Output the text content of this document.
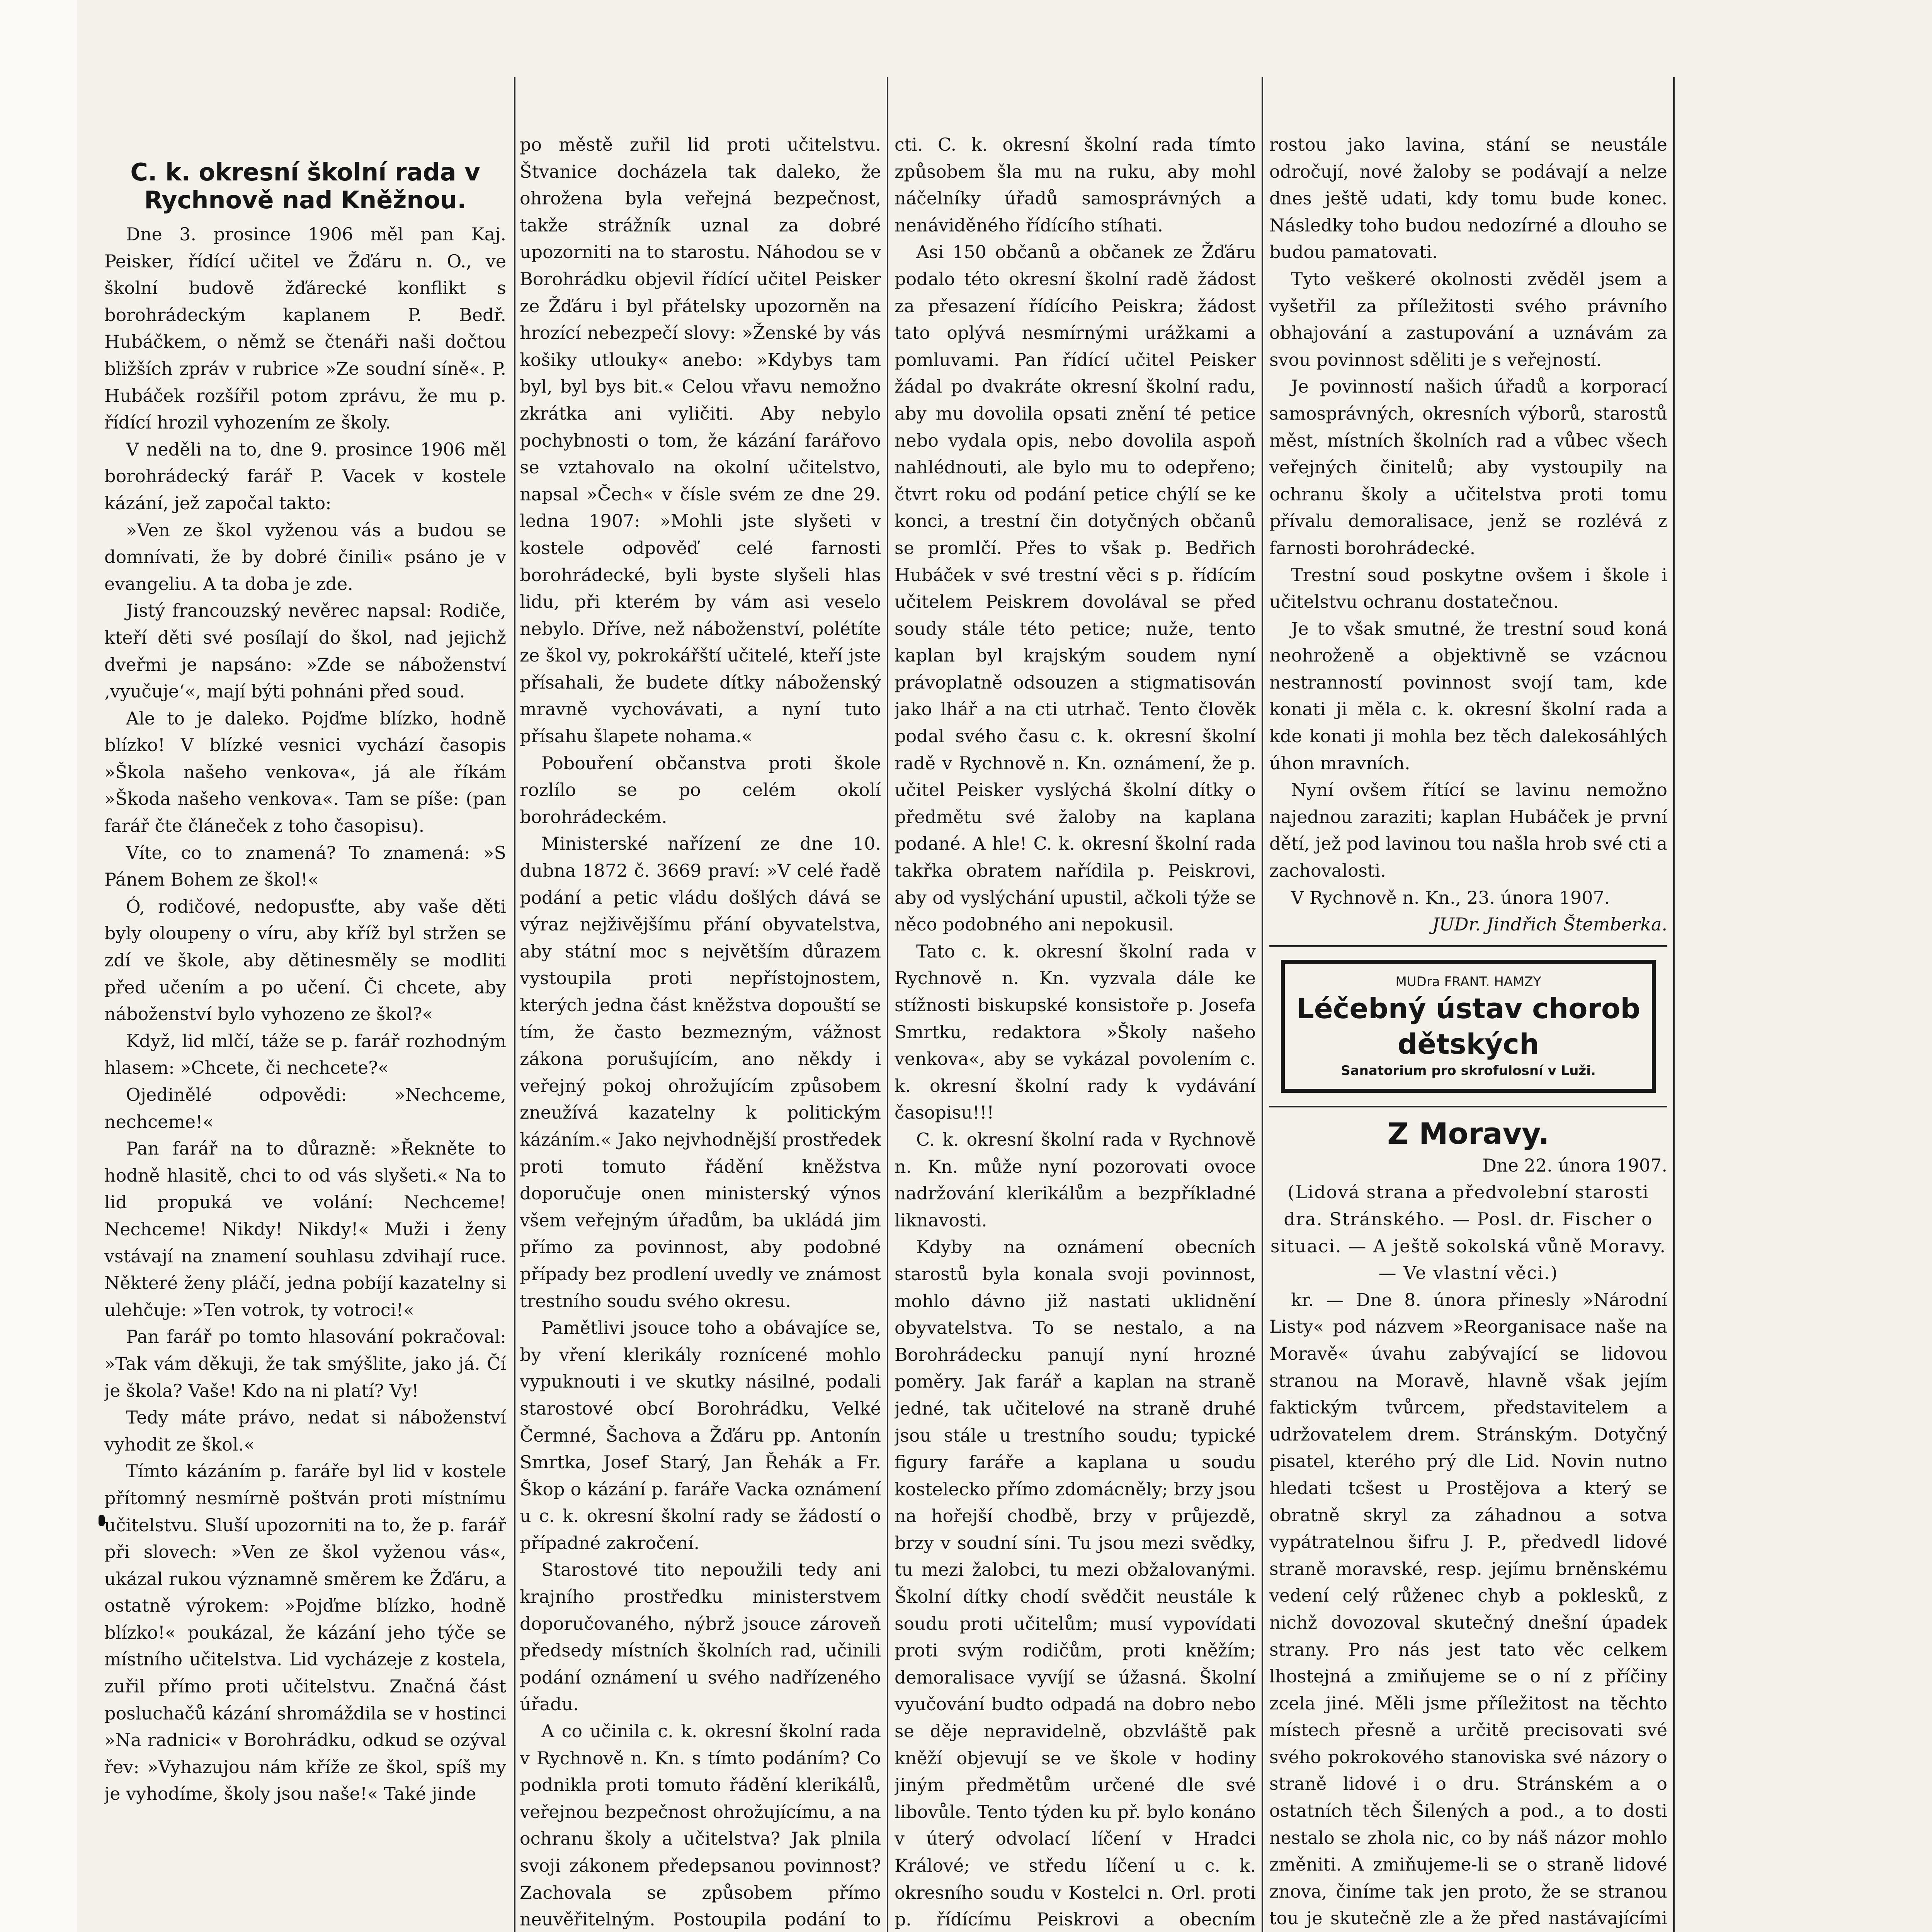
C. k. okresní školní rada v Rychnově nad Kněžnou.

Dne 3. prosince 1906 měl pan Kaj. Peisker, řídící učitel ve Žďáru n. O., ve školní budově žďárecké konflikt s borohrádeckým kaplanem P. Bedř. Hubáčkem, o němž se čtenáři naši dočtou bližších zpráv v rubrice »Ze soudní síně«. P. Hubáček rozšířil potom zprávu, že mu p. řídící hrozil vyhozením ze školy.

V neděli na to, dne 9. prosince 1906 měl borohrádecký farář P. Vacek v kostele kázání, jež započal takto:

»Ven ze škol vyženou vás a budou se domnívati, že by dobré činili« psáno je v evangeliu. A ta doba je zde.

Jistý francouzský nevěrec napsal: Rodiče, kteří děti své posílají do škol, nad jejichž dveřmi je napsáno: »Zde se náboženství ‚vyučuje‘«, mají býti pohnáni před soud.

Ale to je daleko. Pojďme blízko, hodně blízko! V blízké vesnici vychází časopis »Škola našeho venkova«, já ale říkám »Škoda našeho venkova«. Tam se píše: (pan farář čte článeček z toho časopisu).

Víte, co to znamená? To znamená: »S Pánem Bohem ze škol!«

Ó, rodičové, nedopusťte, aby vaše děti byly oloupeny o víru, aby kříž byl stržen se zdí ve škole, aby dětinesměly se modliti před učením a po učení. Či chcete, aby náboženství bylo vyhozeno ze škol?«

Když, lid mlčí, táže se p. farář rozhodným hlasem: »Chcete, či nechcete?«

Ojedinělé odpovědi: »Nechceme, nechceme!«

Pan farář na to důrazně: »Řekněte to hodně hlasitě, chci to od vás slyšeti.« Na to lid propuká ve volání: Nechceme! Nechceme! Nikdy! Nikdy!« Muži i ženy vstávají na znamení souhlasu zdvihají ruce. Některé ženy pláčí, jedna pobíjí kazatelny si ulehčuje: »Ten votrok, ty votroci!«

Pan farář po tomto hlasování pokračoval: »Tak vám děkuji, že tak smýšlite, jako já. Čí je škola? Vaše! Kdo na ni platí? Vy!

Tedy máte právo, nedat si náboženství vyhodit ze škol.«

Tímto kázáním p. faráře byl lid v kostele přítomný nesmírně poštván proti místnímu učitelstvu. Sluší upozorniti na to, že p. farář při slovech: »Ven ze škol vyženou vás«, ukázal rukou významně směrem ke Žďáru, a ostatně výrokem: »Pojďme blízko, hodně blízko!« poukázal, že kázání jeho týče se místního učitelstva. Lid vycházeje z kostela, zuřil přímo proti učitelstvu. Značná část posluchačů kázání shromáždila se v hostinci »Na radnici« v Borohrádku, odkud se ozýval řev: »Vyhazujou nám kříže ze škol, spíš my je vyhodíme, školy jsou naše!« Také jinde

po městě zuřil lid proti učitelstvu. Štvanice docházela tak daleko, že ohrožena byla veřejná bezpečnost, takže strážník uznal za dobré upozorniti na to starostu. Náhodou se v Borohrádku objevil řídící učitel Peisker ze Žďáru i byl přátelsky upozorněn na hrozící nebezpečí slovy: »Ženské by vás košiky utlouky« anebo: »Kdybys tam byl, byl bys bit.« Celou vřavu nemožno zkrátka ani vyličiti. Aby nebylo pochybnosti o tom, že kázání farářovo se vztahovalo na okolní učitelstvo, napsal »Čech« v čísle svém ze dne 29. ledna 1907: »Mohli jste slyšeti v kostele odpověď celé farnosti borohrádecké, byli byste slyšeli hlas lidu, při kterém by vám asi veselo nebylo. Dříve, než náboženství, polétíte ze škol vy, pokrokářští učitelé, kteří jste přísahali, že budete dítky náboženský mravně vychovávati, a nyní tuto přísahu šlapete nohama.«

Pobouření občanstva proti škole rozlílo se po celém okolí borohrádeckém.

Ministerské nařízení ze dne 10. dubna 1872 č. 3669 praví: »V celé řadě podání a petic vládu došlých dává se výraz nejživějšímu přání obyvatelstva, aby státní moc s největším důrazem vystoupila proti nepřístojnostem, kterých jedna část kněžstva dopouští se tím, že často bezmezným, vážnost zákona porušujícím, ano někdy i veřejný pokoj ohrožujícím způsobem zneužívá kazatelny k politickým kázáním.« Jako nejvhodnější prostředek proti tomuto řádění kněžstva doporučuje onen ministerský výnos všem veřejným úřadům, ba ukládá jim přímo za povinnost, aby podobné případy bez prodlení uvedly ve známost trestního soudu svého okresu.

Pamětlivi jsouce toho a obávajíce se, by vření klerikály roznícené mohlo vypuknouti i ve skutky násilné, podali starostové obcí Borohrádku, Velké Čermné, Šachova a Žďáru pp. Antonín Smrtka, Josef Starý, Jan Řehák a Fr. Škop o kázání p. faráře Vacka oznámení u c. k. okresní školní rady se žádostí o případné zakročení.

Starostové tito nepoužili tedy ani krajního prostředku ministerstvem doporučovaného, nýbrž jsouce zároveň předsedy místních školních rad, učinili podání oznámení u svého nadřízeného úřadu.

A co učinila c. k. okresní školní rada v Rychnově n. Kn. s tímto podáním? Co podnikla proti tomuto řádění klerikálů, veřejnou bezpečnost ohrožujícímu, a na ochranu školy a učitelstva? Jak plnila svoji zákonem předepsanou povinnost? Zachovala se způsobem přímo neuvěřitelným. Postoupila podání to

cti. C. k. okresní školní rada tímto způsobem šla mu na ruku, aby mohl náčelníky úřadů samosprávných a nenáviděného řídícího stíhati.

Asi 150 občanů a občanek ze Žďáru podalo této okresní školní radě žádost za přesazení řídícího Peiskra; žádost tato oplývá nesmírnými urážkami a pomluvami. Pan řídící učitel Peisker žádal po dvakráte okresní školní radu, aby mu dovolila opsati znění té petice nebo vydala opis, nebo dovolila aspoň nahlédnouti, ale bylo mu to odepřeno; čtvrt roku od podání petice chýlí se ke konci, a trestní čin dotyčných občanů se promlčí. Přes to však p. Bedřich Hubáček v své trestní věci s p. řídícím učitelem Peiskrem dovolával se před soudy stále této petice; nuže, tento kaplan byl krajským soudem nyní právoplatně odsouzen a stigmatisován jako lhář a na cti utrhač. Tento člověk podal svého času c. k. okresní školní radě v Rychnově n. Kn. oznámení, že p. učitel Peisker vyslýchá školní dítky o předmětu své žaloby na kaplana podané. A hle! C. k. okresní školní rada takřka obratem nařídila p. Peiskrovi, aby od vyslýchání upustil, ačkoli týže se něco podobného ani nepokusil.

Tato c. k. okresní školní rada v Rychnově n. Kn. vyzvala dále ke stížnosti biskupské konsistoře p. Josefa Smrtku, redaktora »Školy našeho venkova«, aby se vykázal povolením c. k. okresní školní rady k vydávání časopisu!!!

C. k. okresní školní rada v Rychnově n. Kn. může nyní pozorovati ovoce nadržování klerikálům a bezpříkladné liknavosti.

Kdyby na oznámení obecních starostů byla konala svoji povinnost, mohlo dávno již nastati uklidnění obyvatelstva. To se nestalo, a na Borohrádecku panují nyní hrozné poměry. Jak farář a kaplan na straně jedné, tak učitelové na straně druhé jsou stále u trestního soudu; typické figury faráře a kaplana u soudu kostelecko přímo zdomácněly; brzy jsou na hořejší chodbě, brzy v průjezdě, brzy v soudní síni. Tu jsou mezi svědky, tu mezi žalobci, tu mezi obžalovanými. Školní dítky chodí svědčit neustále k soudu proti učitelům; musí vypovídati proti svým rodičům, proti kněžím; demoralisace vyvíjí se úžasná. Školní vyučování budto odpadá na dobro nebo se děje nepravidelně, obzvláště pak kněží objevují se ve škole v hodiny jiným předmětům určené dle své libovůle. Tento týden ku př. bylo konáno v úterý odvolací líčení v Hradci Králové; ve středu líčení u c. k. okresního soudu v Kostelci n. Orl. proti p. řídícímu Peiskrovi a obecním

rostou jako lavina, stání se neustále odročují, nové žaloby se podávají a nelze dnes ještě udati, kdy tomu bude konec. Následky toho budou nedozírné a dlouho se budou pamatovati.

Tyto veškeré okolnosti zvěděl jsem a vyšetřil za příležitosti svého právního obhajování a zastupování a uznávám za svou povinnost sděliti je s veřejností.

Je povinností našich úřadů a korporací samosprávných, okresních výborů, starostů měst, místních školních rad a vůbec všech veřejných činitelů; aby vystoupily na ochranu školy a učitelstva proti tomu přívalu demoralisace, jenž se rozlévá z farnosti borohrádecké.

Trestní soud poskytne ovšem i škole i učitelstvu ochranu dostatečnou.

Je to však smutné, že trestní soud koná neohroženě a objektivně se vzácnou nestranností povinnost svojí tam, kde konati ji měla c. k. okresní školní rada a kde konati ji mohla bez těch dalekosáhlých úhon mravních.

Nyní ovšem řítící se lavinu nemožno najednou zaraziti; kaplan Hubáček je první dětí, jež pod lavinou tou našla hrob své cti a zachovalosti.

V Rychnově n. Kn., 23. února 1907.

JUDr. Jindřich Štemberka.

MUDra FRANT. HAMZY
Léčebný ústav chorob dětských
Sanatorium pro skrofulosní v Luži.
Z Moravy.

Dne 22. února 1907.

(Lidová strana a předvolební starosti dra. Stránského. — Posl. dr. Fischer o situaci. — A ještě sokolská vůně Moravy. — Ve vlastní věci.)

kr. — Dne 8. února přinesly »Národní Listy« pod názvem »Reorganisace naše na Moravě« úvahu zabývající se lidovou stranou na Moravě, hlavně však jejím faktickým tvůrcem, představitelem a udržovatelem drem. Stránským. Dotyčný pisatel, kterého prý dle Lid. Novin nutno hledati tcšest u Prostějova a který se obratně skryl za záhadnou a sotva vypátratelnou šifru J. P., předvedl lidové straně moravské, resp. jejímu brněnskému vedení celý růženec chyb a poklesků, z nichž dovozoval skutečný dnešní úpadek strany. Pro nás jest tato věc celkem lhostejná a zmiňujeme se o ní z příčiny zcela jiné. Měli jsme příležitost na těchto místech přesně a určitě precisovati své svého pokrokového stanoviska své názory o straně lidové i o dru. Stránském a o ostatních těch Šilených a pod., a to dosti nestalo se zhola nic, co by náš názor mohlo změniti. A zmiňujeme-li se o straně lidové znova, činíme tak jen proto, že se stranou tou je skutečně zle a že před nastávajícími
